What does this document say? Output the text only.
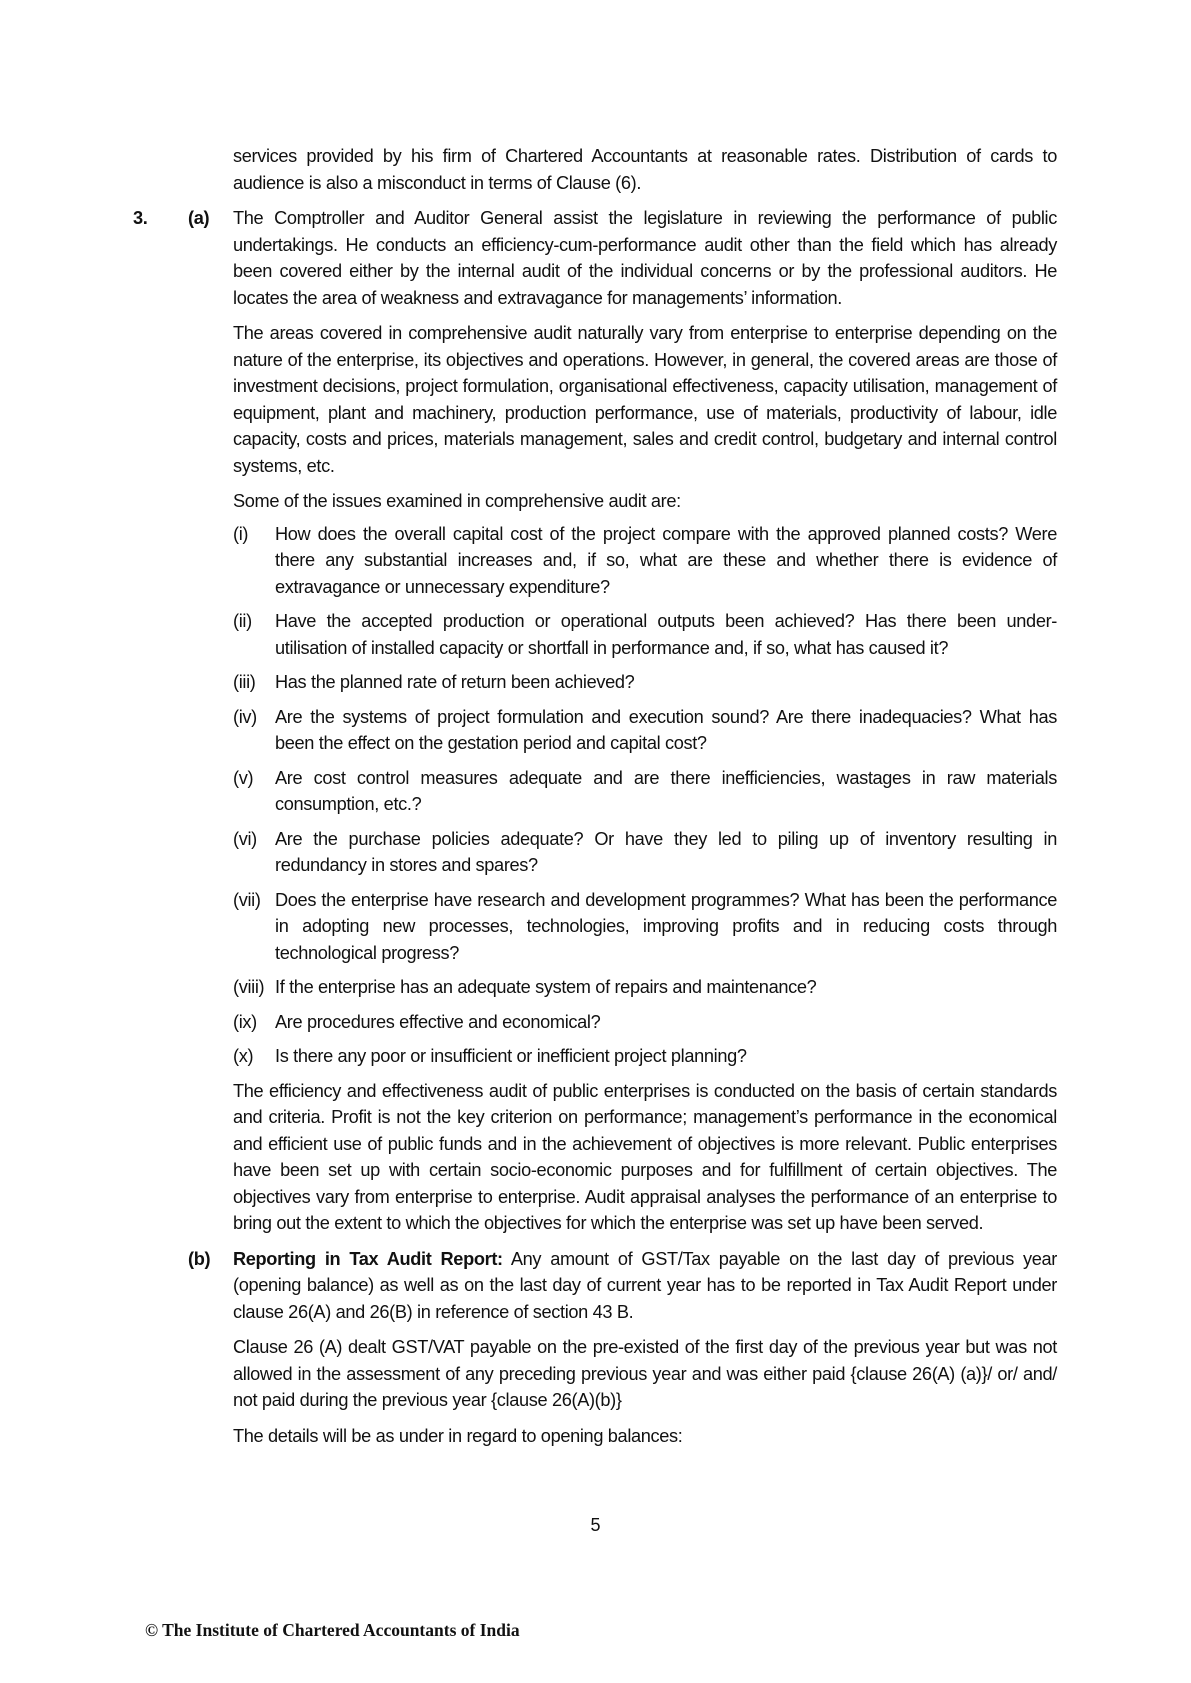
services provided by his firm of Chartered Accountants at reasonable rates. Distribution of cards to audience is also a misconduct in terms of Clause (6).

3. (a) The Comptroller and Auditor General assist the legislature in reviewing the performance of public undertakings. He conducts an efficiency-cum-performance audit other than the field which has already been covered either by the internal audit of the individual concerns or by the professional auditors. He locates the area of weakness and extravagance for managements’ information.

The areas covered in comprehensive audit naturally vary from enterprise to enterprise depending on the nature of the enterprise, its objectives and operations. However, in general, the covered areas are those of investment decisions, project formulation, organisational effectiveness, capacity utilisation, management of equipment, plant and machinery, production performance, use of materials, productivity of labour, idle capacity, costs and prices, materials management, sales and credit control, budgetary and internal control systems, etc.

Some of the issues examined in comprehensive audit are:

(i) How does the overall capital cost of the project compare with the approved planned costs? Were there any substantial increases and, if so, what are these and whether there is evidence of extravagance or unnecessary expenditure?
(ii) Have the accepted production or operational outputs been achieved? Has there been under-utilisation of installed capacity or shortfall in performance and, if so, what has caused it?
(iii) Has the planned rate of return been achieved?
(iv) Are the systems of project formulation and execution sound? Are there inadequacies? What has been the effect on the gestation period and capital cost?
(v) Are cost control measures adequate and are there inefficiencies, wastages in raw materials consumption, etc.?
(vi) Are the purchase policies adequate? Or have they led to piling up of inventory resulting in redundancy in stores and spares?
(vii) Does the enterprise have research and development programmes? What has been the performance in adopting new processes, technologies, improving profits and in reducing costs through technological progress?
(viii) If the enterprise has an adequate system of repairs and maintenance?
(ix) Are procedures effective and economical?
(x) Is there any poor or insufficient or inefficient project planning?

The efficiency and effectiveness audit of public enterprises is conducted on the basis of certain standards and criteria. Profit is not the key criterion on performance; management’s performance in the economical and efficient use of public funds and in the achievement of objectives is more relevant. Public enterprises have been set up with certain socio-economic purposes and for fulfillment of certain objectives. The objectives vary from enterprise to enterprise. Audit appraisal analyses the performance of an enterprise to bring out the extent to which the objectives for which the enterprise was set up have been served.

(b) Reporting in Tax Audit Report: Any amount of GST/Tax payable on the last day of previous year (opening balance) as well as on the last day of current year has to be reported in Tax Audit Report under clause 26(A) and 26(B) in reference of section 43 B.

Clause 26 (A) dealt GST/VAT payable on the pre-existed of the first day of the previous year but was not allowed in the assessment of any preceding previous year and was either paid {clause 26(A) (a)}/ or/ and/ not paid during the previous year {clause 26(A)(b)}

The details will be as under in regard to opening balances:

5
© The Institute of Chartered Accountants of India
